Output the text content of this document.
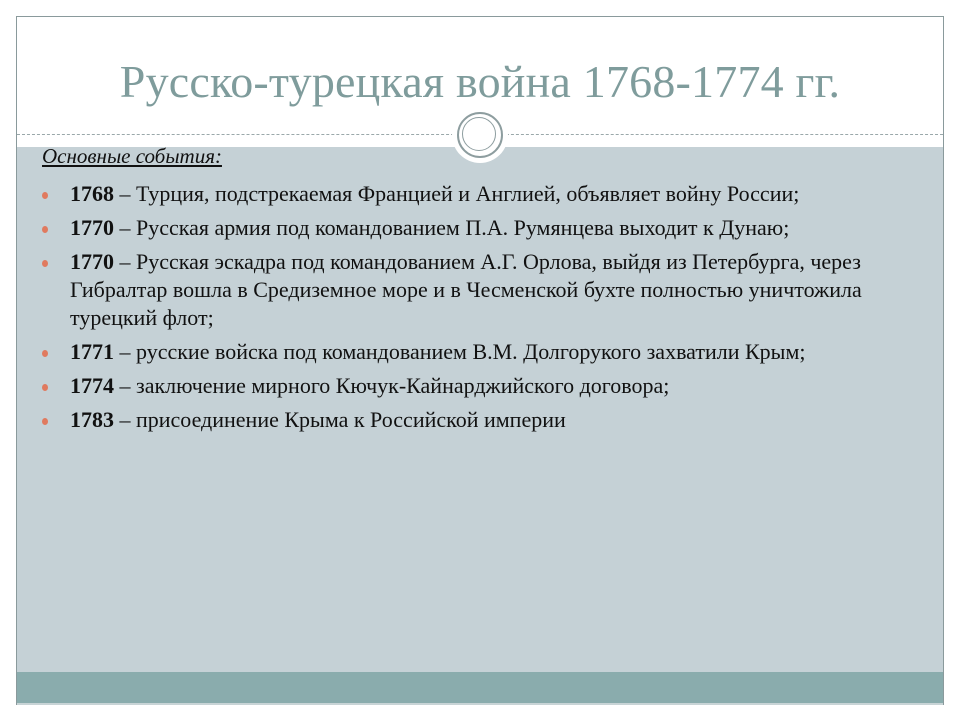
Русско-турецкая война 1768-1774 гг.
Основные события:
1768 – Турция, подстрекаемая Францией и Англией, объявляет войну России;
1770 – Русская армия под командованием П.А. Румянцева выходит к Дунаю;
1770 – Русская эскадра под командованием А.Г. Орлова, выйдя из Петербурга, через Гибралтар вошла в Средиземное море и в Чесменской бухте полностью уничтожила турецкий флот;
1771 – русские войска под командованием В.М. Долгорукого захватили Крым;
1774 – заключение мирного Кючук-Кайнарджийского договора;
1783 – присоединение Крыма к Российской империи
